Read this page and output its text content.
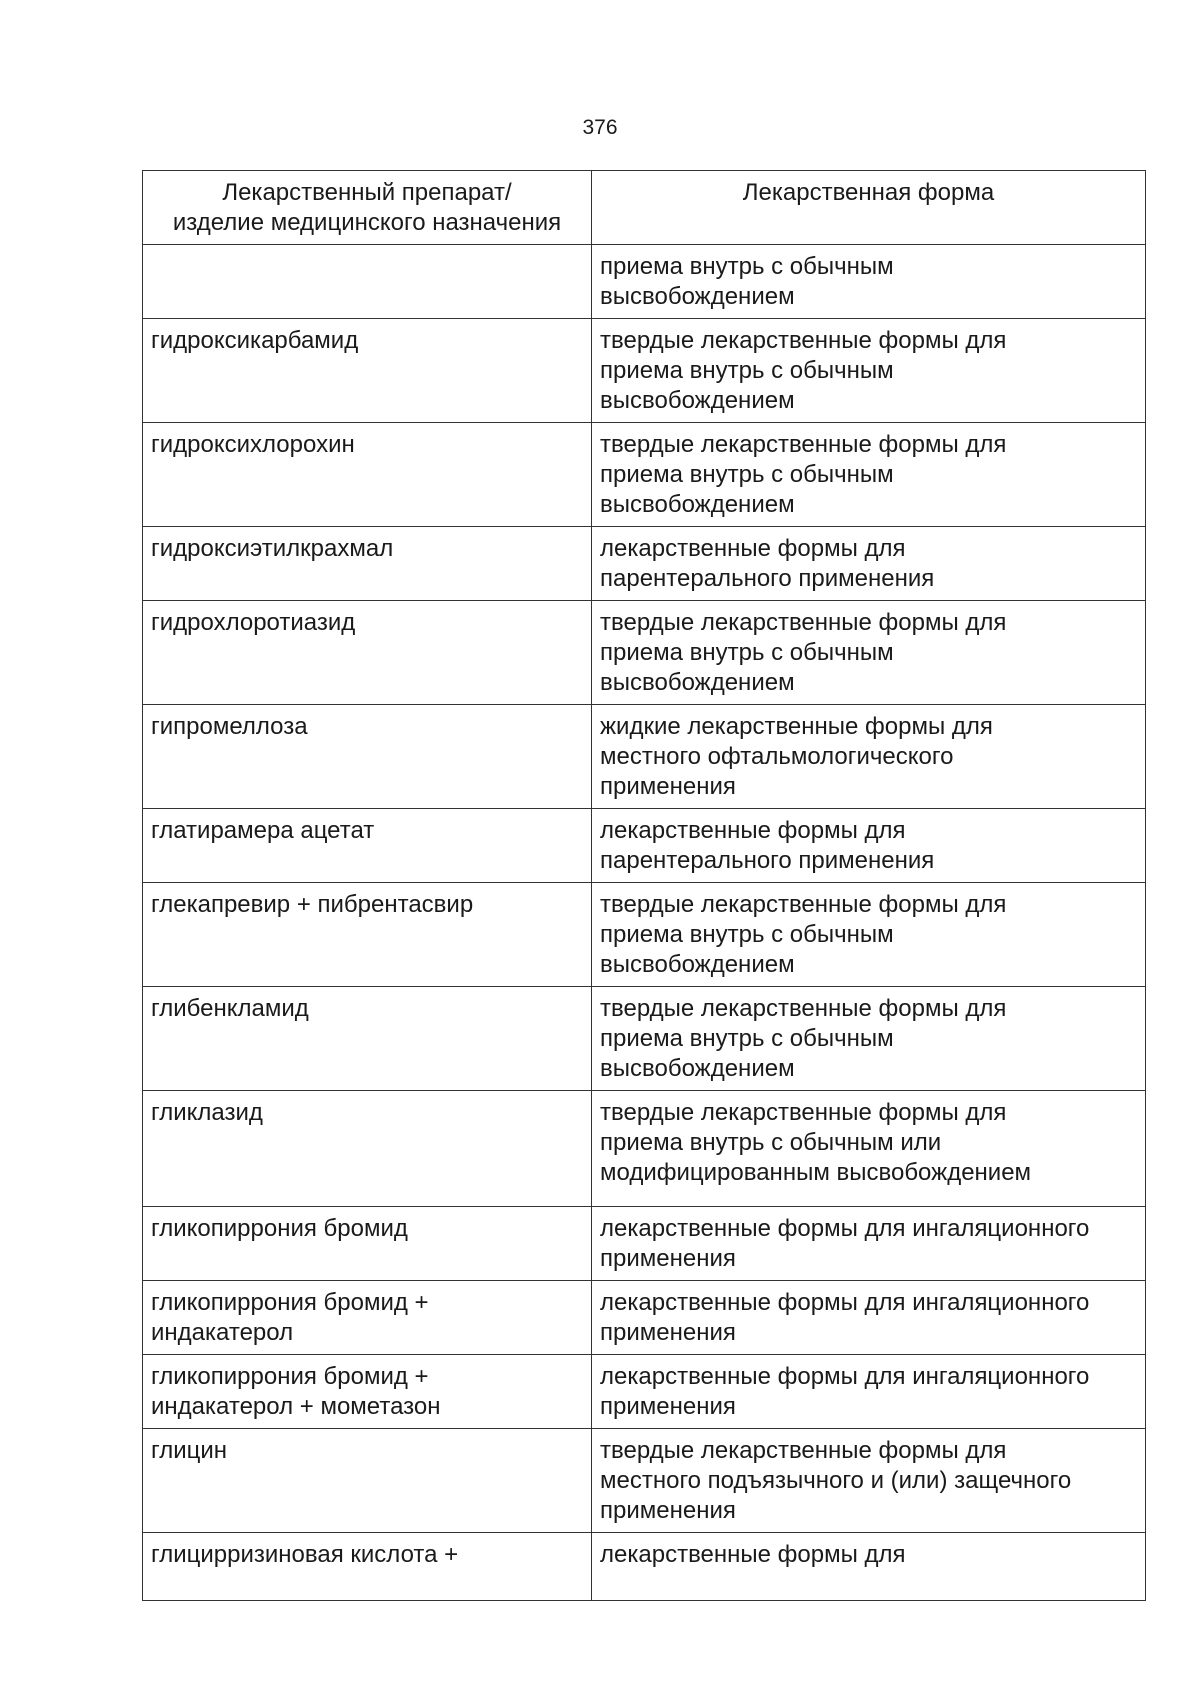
376
Лекарственный препарат/
изделие медицинского назначения	Лекарственная форма

	приема внутрь с обычным
высвобождением

гидроксикарбамид	твердые лекарственные формы для
приема внутрь с обычным
высвобождением

гидроксихлорохин	твердые лекарственные формы для
приема внутрь с обычным
высвобождением

гидроксиэтилкрахмал	лекарственные формы для
парентерального применения

гидрохлоротиазид	твердые лекарственные формы для
приема внутрь с обычным
высвобождением

гипромеллоза	жидкие лекарственные формы для
местного офтальмологического
применения

глатирамера ацетат	лекарственные формы для
парентерального применения

глекапревир + пибрентасвир	твердые лекарственные формы для
приема внутрь с обычным
высвобождением

глибенкламид	твердые лекарственные формы для
приема внутрь с обычным
высвобождением

гликлазид	твердые лекарственные формы для
приема внутрь с обычным или
модифицированным высвобождением

гликопиррония бромид	лекарственные формы для ингаляционного
применения

гликопиррония бромид +
индакатерол	лекарственные формы для ингаляционного
применения

гликопиррония бромид +
индакатерол + мометазон	лекарственные формы для ингаляционного
применения

глицин	твердые лекарственные формы для
местного подъязычного и (или) защечного
применения

глицирризиновая кислота +	лекарственные формы для
